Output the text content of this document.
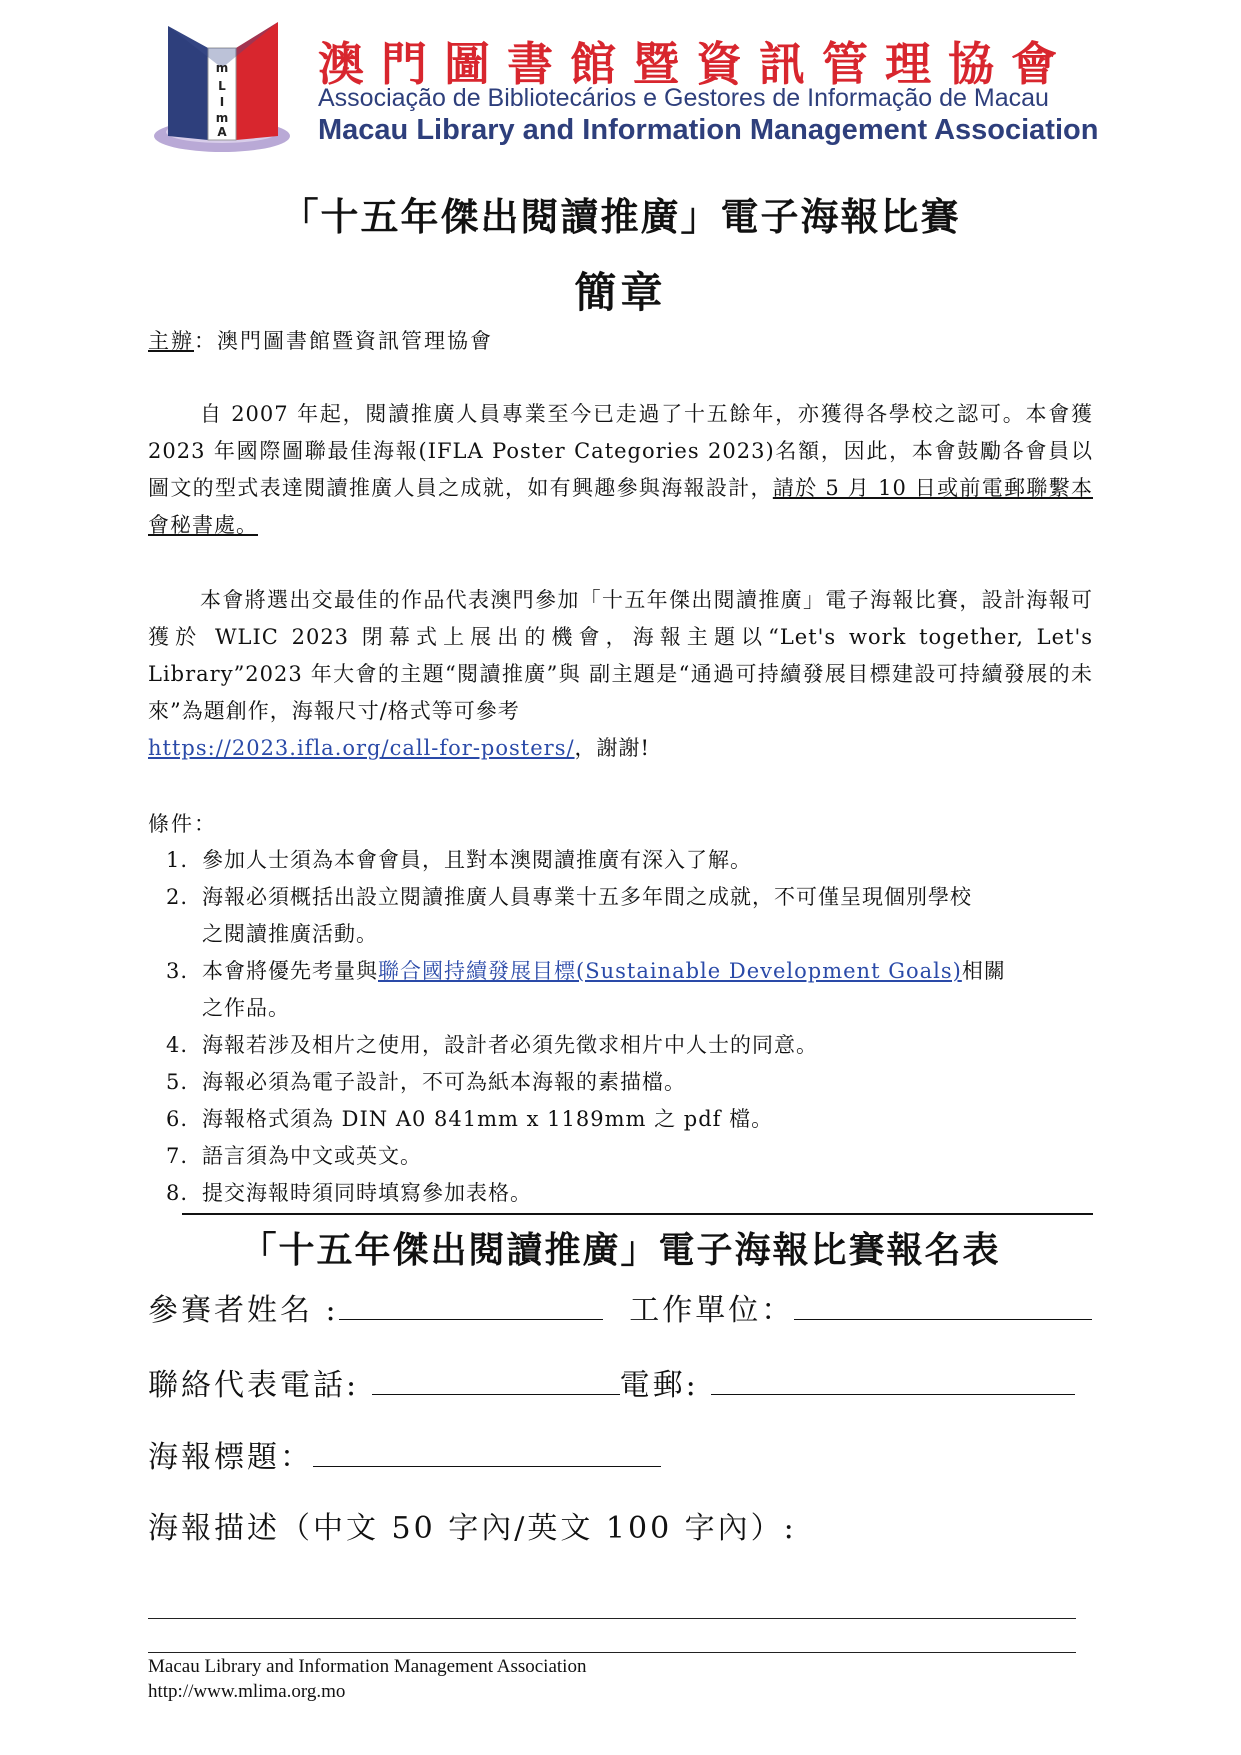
m
L
I
m
A
澳門圖書館暨資訊管理協會
Associação de Bibliotecários e Gestores de Informação de Macau
Macau Library and Information Management Association
「十五年傑出閱讀推廣」電子海報比賽
簡章
主辦：澳門圖書館暨資訊管理協會

自 2007 年起，閱讀推廣人員專業至今已走過了十五餘年，亦獲得各學校之認可。本會獲 2023 年國際圖聯最佳海報(IFLA Poster Categories 2023)名額，因此，本會鼓勵各會員以圖文的型式表達閱讀推廣人員之成就，如有興趣參與海報設計，請於 5 月 10 日或前電郵聯繫本會秘書處。

本會將選出交最佳的作品代表澳門參加「十五年傑出閱讀推廣」電子海報比賽，設計海報可獲於 WLIC 2023 閉幕式上展出的機會，海報主題以“Let's work together, Let's Library”2023 年大會的主題“閱讀推廣”與 副主題是“通過可持續發展目標建設可持續發展的未來”為題創作，海報尺寸/格式等可參考
https://2023.ifla.org/call-for-posters/，謝謝!

條件：
1. 參加人士須為本會會員，且對本澳閱讀推廣有深入了解。
2. 海報必須概括出設立閱讀推廣人員專業十五多年間之成就，不可僅呈現個別學校
之閱讀推廣活動。
3. 本會將優先考量與聯合國持續發展目標(Sustainable Development Goals)相關
之作品。
4. 海報若涉及相片之使用，設計者必須先徵求相片中人士的同意。
5. 海報必須為電子設計，不可為紙本海報的素描檔。
6. 海報格式須為 DIN A0 841mm x 1189mm 之 pdf 檔。
7. 語言須為中文或英文。
8. 提交海報時須同時填寫參加表格。
「十五年傑出閱讀推廣」電子海報比賽報名表
參賽者姓名 :	工作單位：
聯絡代表電話:	電郵:
海報標題：
海報描述（中文 50 字內/英文 100 字內）:
Macau Library and Information Management Association
http://www.mlima.org.mo
